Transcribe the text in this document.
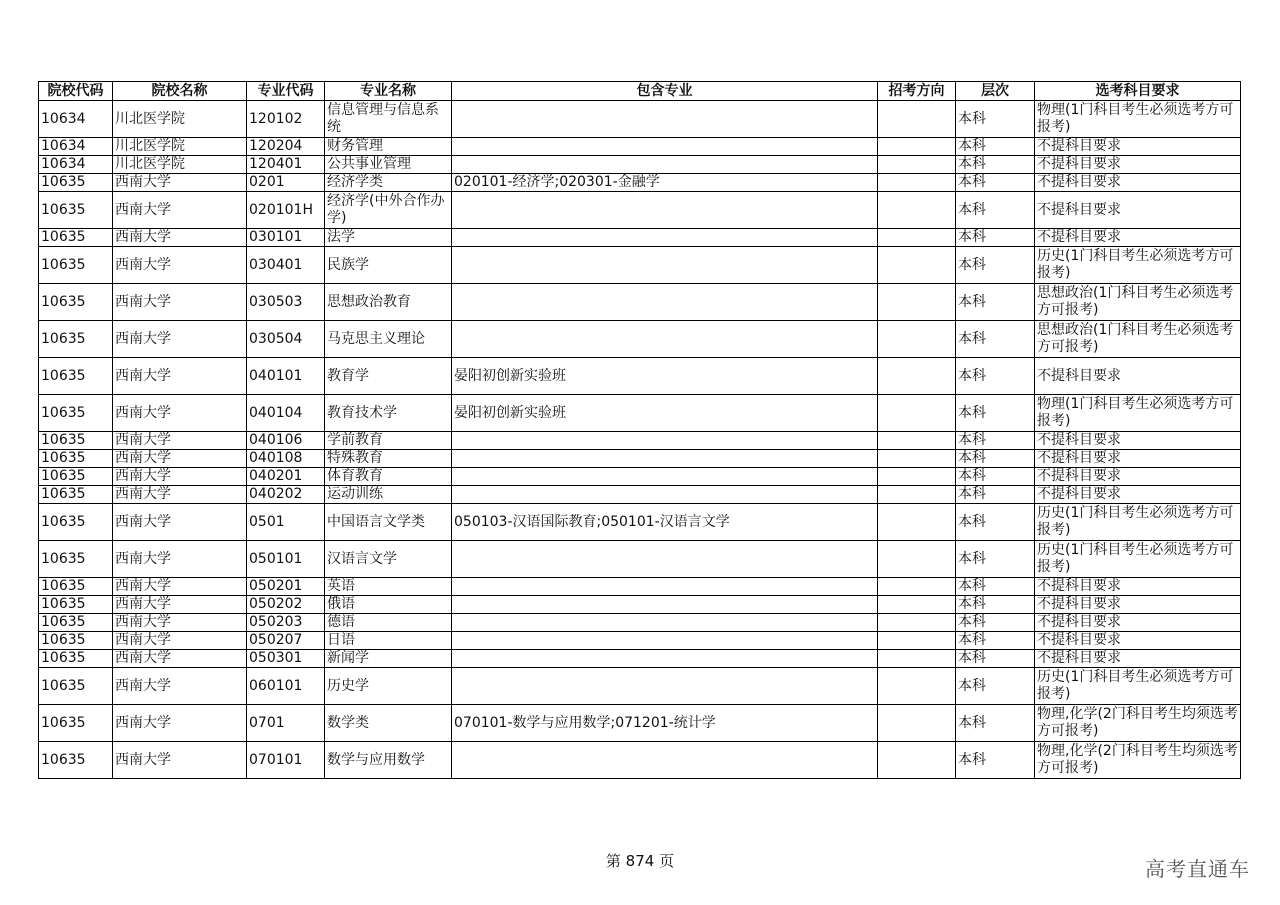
院校代码	院校名称	专业代码	专业名称	包含专业	招考方向	层次	选考科目要求
10634	川北医学院	120102	信息管理与信息系统			本科	物理(1门科目考生必须选考方可报考)
10634	川北医学院	120204	财务管理			本科	不提科目要求
10634	川北医学院	120401	公共事业管理			本科	不提科目要求
10635	西南大学	0201	经济学类	020101-经济学;020301-金融学		本科	不提科目要求
10635	西南大学	020101H	经济学(中外合作办学)			本科	不提科目要求
10635	西南大学	030101	法学			本科	不提科目要求
10635	西南大学	030401	民族学			本科	历史(1门科目考生必须选考方可报考)
10635	西南大学	030503	思想政治教育			本科	思想政治(1门科目考生必须选考方可报考)
10635	西南大学	030504	马克思主义理论			本科	思想政治(1门科目考生必须选考方可报考)
10635	西南大学	040101	教育学	晏阳初创新实验班		本科	不提科目要求
10635	西南大学	040104	教育技术学	晏阳初创新实验班		本科	物理(1门科目考生必须选考方可报考)
10635	西南大学	040106	学前教育			本科	不提科目要求
10635	西南大学	040108	特殊教育			本科	不提科目要求
10635	西南大学	040201	体育教育			本科	不提科目要求
10635	西南大学	040202	运动训练			本科	不提科目要求
10635	西南大学	0501	中国语言文学类	050103-汉语国际教育;050101-汉语言文学		本科	历史(1门科目考生必须选考方可报考)
10635	西南大学	050101	汉语言文学			本科	历史(1门科目考生必须选考方可报考)
10635	西南大学	050201	英语			本科	不提科目要求
10635	西南大学	050202	俄语			本科	不提科目要求
10635	西南大学	050203	德语			本科	不提科目要求
10635	西南大学	050207	日语			本科	不提科目要求
10635	西南大学	050301	新闻学			本科	不提科目要求
10635	西南大学	060101	历史学			本科	历史(1门科目考生必须选考方可报考)
10635	西南大学	0701	数学类	070101-数学与应用数学;071201-统计学		本科	物理,化学(2门科目考生均须选考方可报考)
10635	西南大学	070101	数学与应用数学			本科	物理,化学(2门科目考生均须选考方可报考)
第 874 页	高考直通车
